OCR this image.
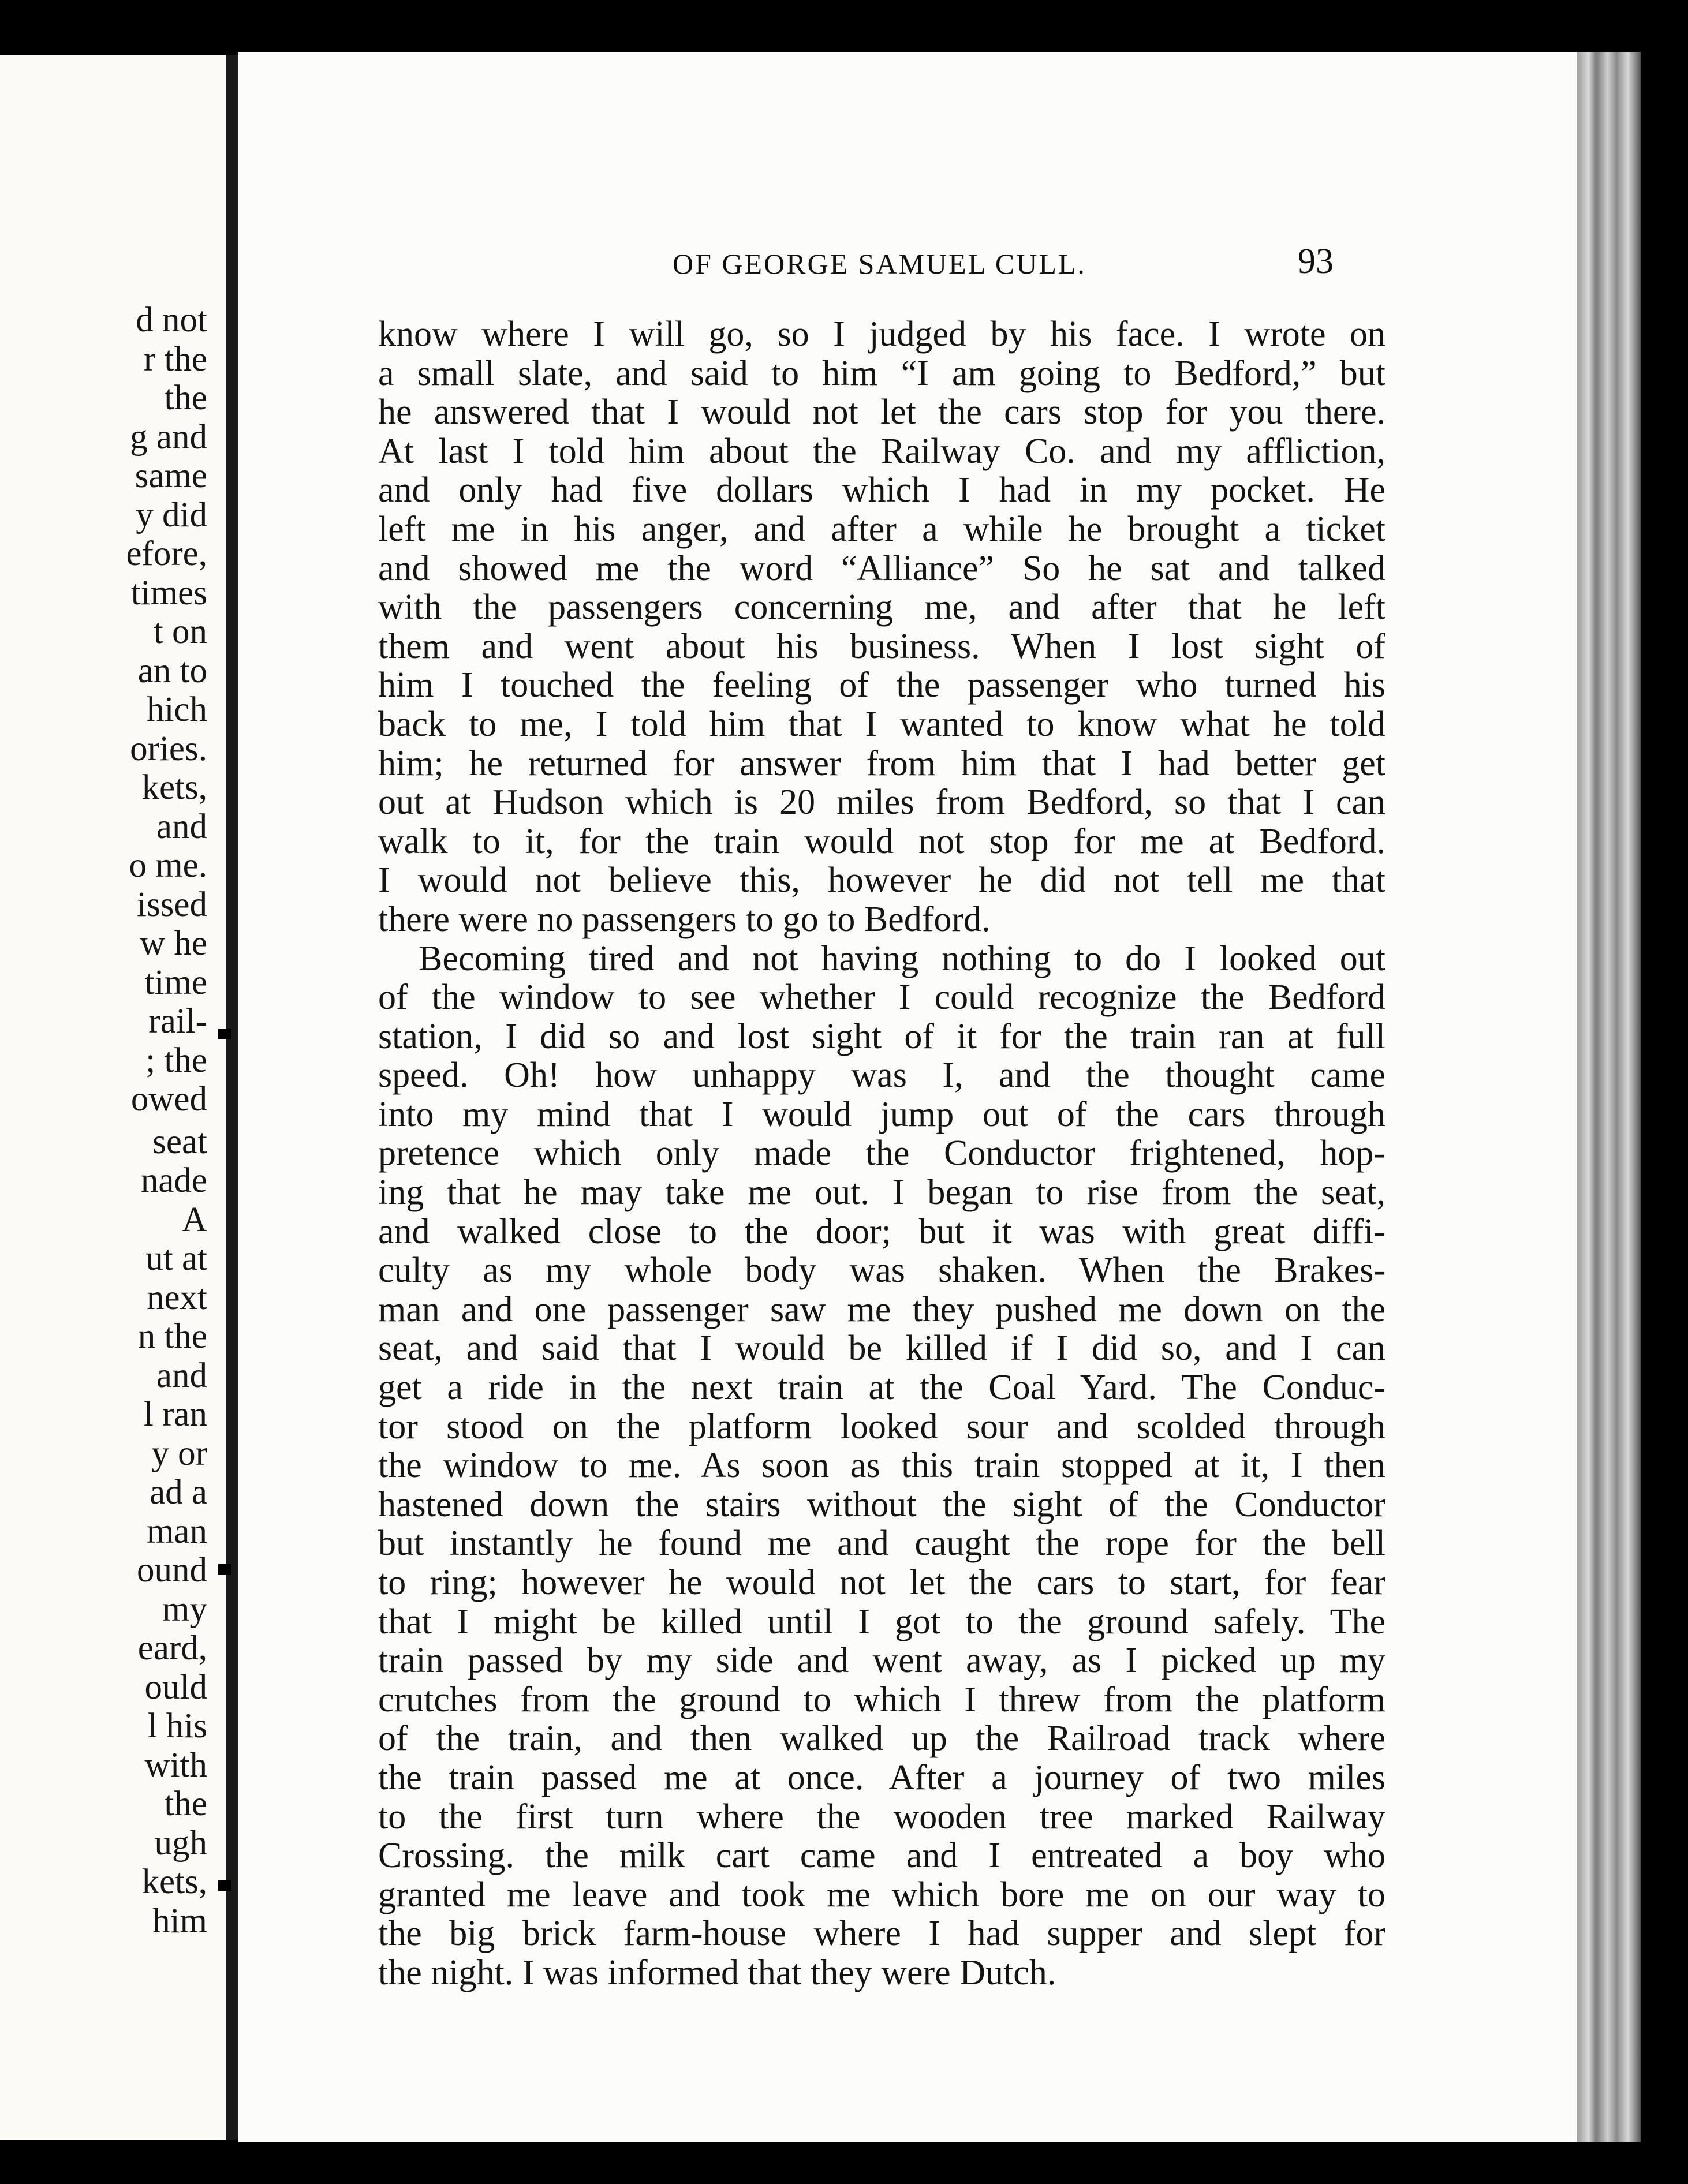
d not
r the
the
g and
same
y did
efore,
times
t on
an to
hich
ories.
kets,
and
o me.
issed
w he
time
rail-
; the
owed
seat
nade
A
ut at
next
n the
and
l ran
y or
ad a
man
ound
my
eard,
ould
l his
with
the
ugh
kets,
him
OF GEORGE SAMUEL CULL.	93
know where I will go, so I judged by his face. I wrote on
a small slate, and said to him “I am going to Bedford,” but
he answered that I would not let the cars stop for you there.
At last I told him about the Railway Co. and my affliction,
and only had five dollars which I had in my pocket. He
left me in his anger, and after a while he brought a ticket
and showed me the word “Alliance” So he sat and talked
with the passengers concerning me, and after that he left
them and went about his business. When I lost sight of
him I touched the feeling of the passenger who turned his
back to me, I told him that I wanted to know what he told
him; he returned for answer from him that I had better get
out at Hudson which is 20 miles from Bedford, so that I can
walk to it, for the train would not stop for me at Bedford.
I would not believe this, however he did not tell me that
there were no passengers to go to Bedford.
Becoming tired and not having nothing to do I looked out
of the window to see whether I could recognize the Bedford
station, I did so and lost sight of it for the train ran at full
speed. Oh! how unhappy was I, and the thought came
into my mind that I would jump out of the cars through
pretence which only made the Conductor frightened, hop-
ing that he may take me out. I began to rise from the seat,
and walked close to the door; but it was with great diffi-
culty as my whole body was shaken. When the Brakes-
man and one passenger saw me they pushed me down on the
seat, and said that I would be killed if I did so, and I can
get a ride in the next train at the Coal Yard. The Conduc-
tor stood on the platform looked sour and scolded through
the window to me. As soon as this train stopped at it, I then
hastened down the stairs without the sight of the Conductor
but instantly he found me and caught the rope for the bell
to ring; however he would not let the cars to start, for fear
that I might be killed until I got to the ground safely. The
train passed by my side and went away, as I picked up my
crutches from the ground to which I threw from the platform
of the train, and then walked up the Railroad track where
the train passed me at once. After a journey of two miles
to the first turn where the wooden tree marked Railway
Crossing. the milk cart came and I entreated a boy who
granted me leave and took me which bore me on our way to
the big brick farm-house where I had supper and slept for
the night. I was informed that they were Dutch.
